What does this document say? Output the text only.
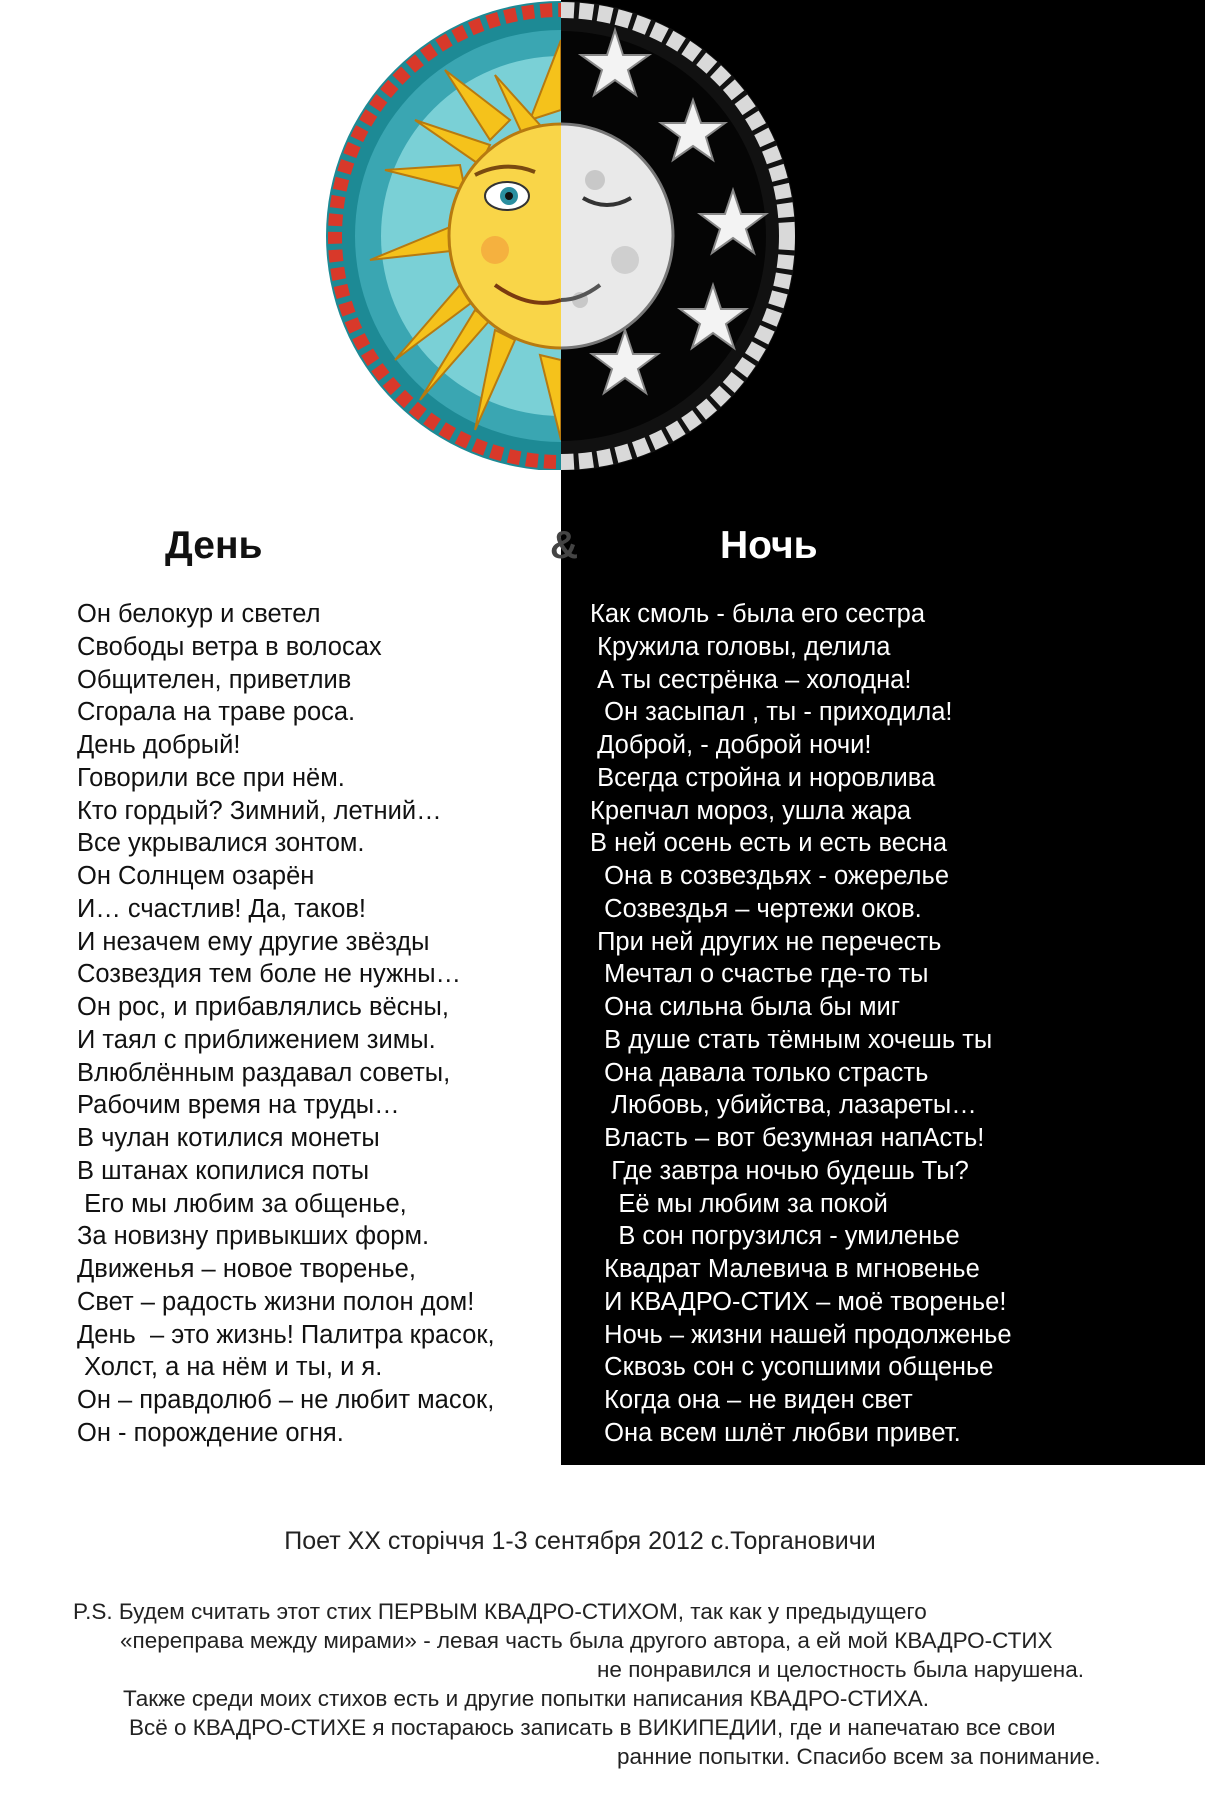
День	&	Ночь
Он белокур и светел
Свободы ветра в волосах
Общителен, приветлив
Сгорала на траве роса.
День добрый!
Говорили все при нём.
Кто гордый? Зимний, летний…
Все укрывалися зонтом.
Он Солнцем озарён
И… счастлив! Да, таков!
И незачем ему другие звёзды
Созвездия тем боле не нужны…
Он рос, и прибавлялись вёсны,
И таял с приближением зимы.
Влюблённым раздавал советы,
Рабочим время на труды…
В чулан котилися монеты
В штанах копилися поты
Его мы любим за общенье,
За новизну привыкших форм.
Движенья – новое творенье,
Свет – радость жизни полон дом!
День  – это жизнь! Палитра красок,
Холст, а на нём и ты, и я.
Он – правдолюб – не любит масок,
Он - порождение огня.
Как смоль - была его сестра
Кружила головы, делила
А ты сестрёнка – холодна!
Он засыпал , ты - приходила!
Доброй, - доброй ночи!
Всегда стройна и норовлива
Крепчал мороз, ушла жара
В ней осень есть и есть весна
Она в созвездьях - ожерелье
Созвездья – чертежи оков.
При ней других не перечесть
Мечтал о счастье где-то ты
Она сильна была бы миг
В душе стать тёмным хочешь ты
Она давала только страсть
Любовь, убийства, лазареты…
Власть – вот безумная напАсть!
Где завтра ночью будешь Ты?
Её мы любим за покой
В сон погрузился - умиленье
Квадрат Малевича в мгновенье
И КВАДРО-СТИХ – моё творенье!
Ночь – жизни нашей продолженье
Сквозь сон с усопшими общенье
Когда она – не виден свет
Она всем шлёт любви привет.
Поет XX сторіччя 1-3 сентября 2012 с.Торгановичи
P.S. Будем считать этот стих ПЕРВЫМ КВАДРО-СТИХОМ, так как у предыдущего
«переправа между мирами» - левая часть была другого автора, а ей мой КВАДРО-СТИХ
не понравился и целостность была нарушена.
Также среди моих стихов есть и другие попытки написания КВАДРО-СТИХА.
Всё о КВАДРО-СТИХЕ я постараюсь записать в ВИКИПЕДИИ, где и напечатаю все свои
ранние попытки. Спасибо всем за понимание.
